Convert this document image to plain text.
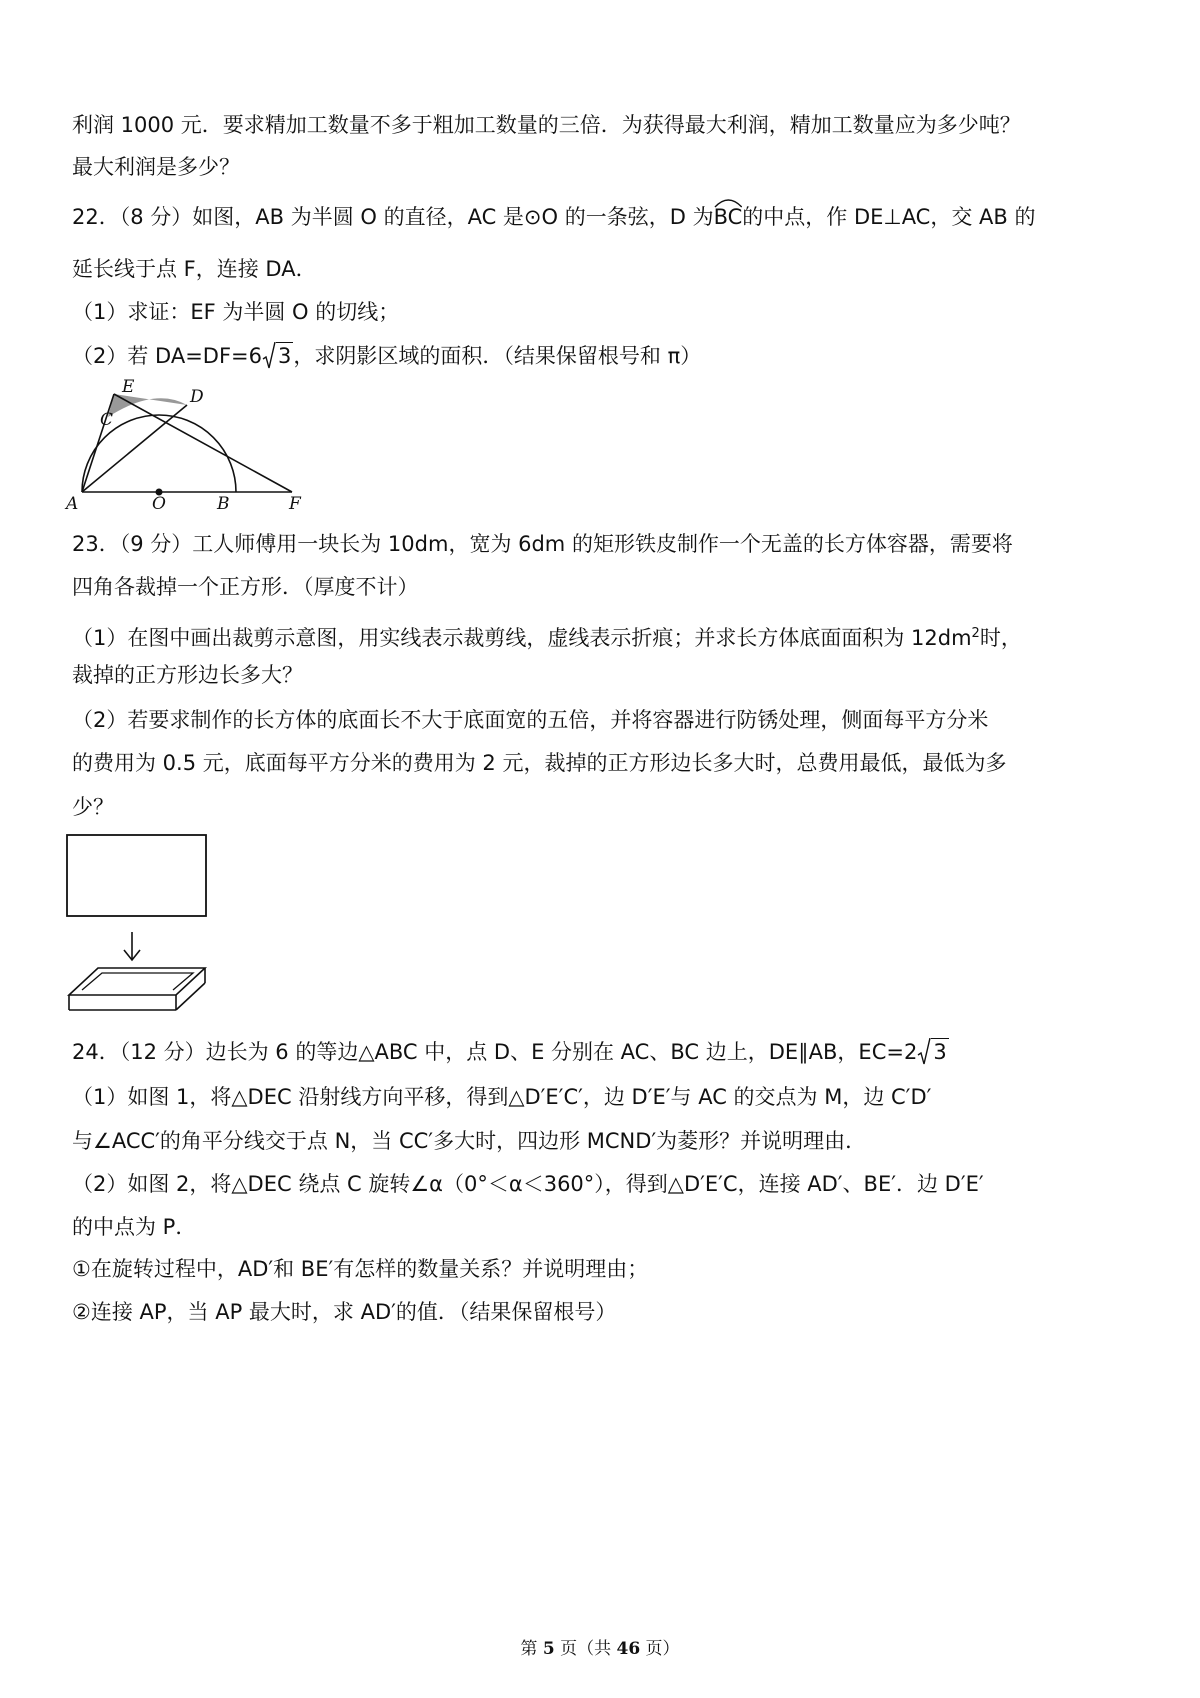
利润 1000 元．要求精加工数量不多于粗加工数量的三倍．为获得最大利润，精加工数量应为多少吨？
最大利润是多少？
22．（8 分）如图，AB 为半圆 O 的直径，AC 是⊙O 的一条弦，D 为
BC的中点，作 DE⊥AC，交 AB 的
延长线于点 F，连接 DA．
（1）求证：EF 为半圆 O 的切线；
（2）若 DA=DF=6 3，求阴影区域的面积．（结果保留根号和 π）
E
C
D
A	O	B	F
23．（9 分）工人师傅用一块长为 10dm，宽为 6dm 的矩形铁皮制作一个无盖的长方体容器，需要将
四角各裁掉一个正方形．（厚度不计）
（1）在图中画出裁剪示意图，用实线表示裁剪线，虚线表示折痕；并求长方体底面面积为 $12dm^2$时，
裁掉的正方形边长多大？
（2）若要求制作的长方体的底面长不大于底面宽的五倍，并将容器进行防锈处理，侧面每平方分米
的费用为 0.5 元，底面每平方分米的费用为 2 元，裁掉的正方形边长多大时，总费用最低，最低为多
少？
24．（12 分）边长为 6 的等边△ABC 中，点 D、E 分别在 AC、BC 边上，DE∥AB，EC=2 3
（1）如图 1，将△DEC 沿射线方向平移，得到△D′E′C′，边 D′E′与 AC 的交点为 M，边 C′D′
与∠ACC′的角平分线交于点 N，当 CC′多大时，四边形 MCND′为菱形？并说明理由．
（2）如图 2，将△DEC 绕点 C 旋转∠α（0°＜α＜360°），得到△D′E′C，连接 AD′、BE′．边 D′E′
的中点为 P．
①在旋转过程中，AD′和 BE′有怎样的数量关系？并说明理由；
②连接 AP，当 AP 最大时，求 AD′的值．（结果保留根号）
第 5 页（共 46 页）
